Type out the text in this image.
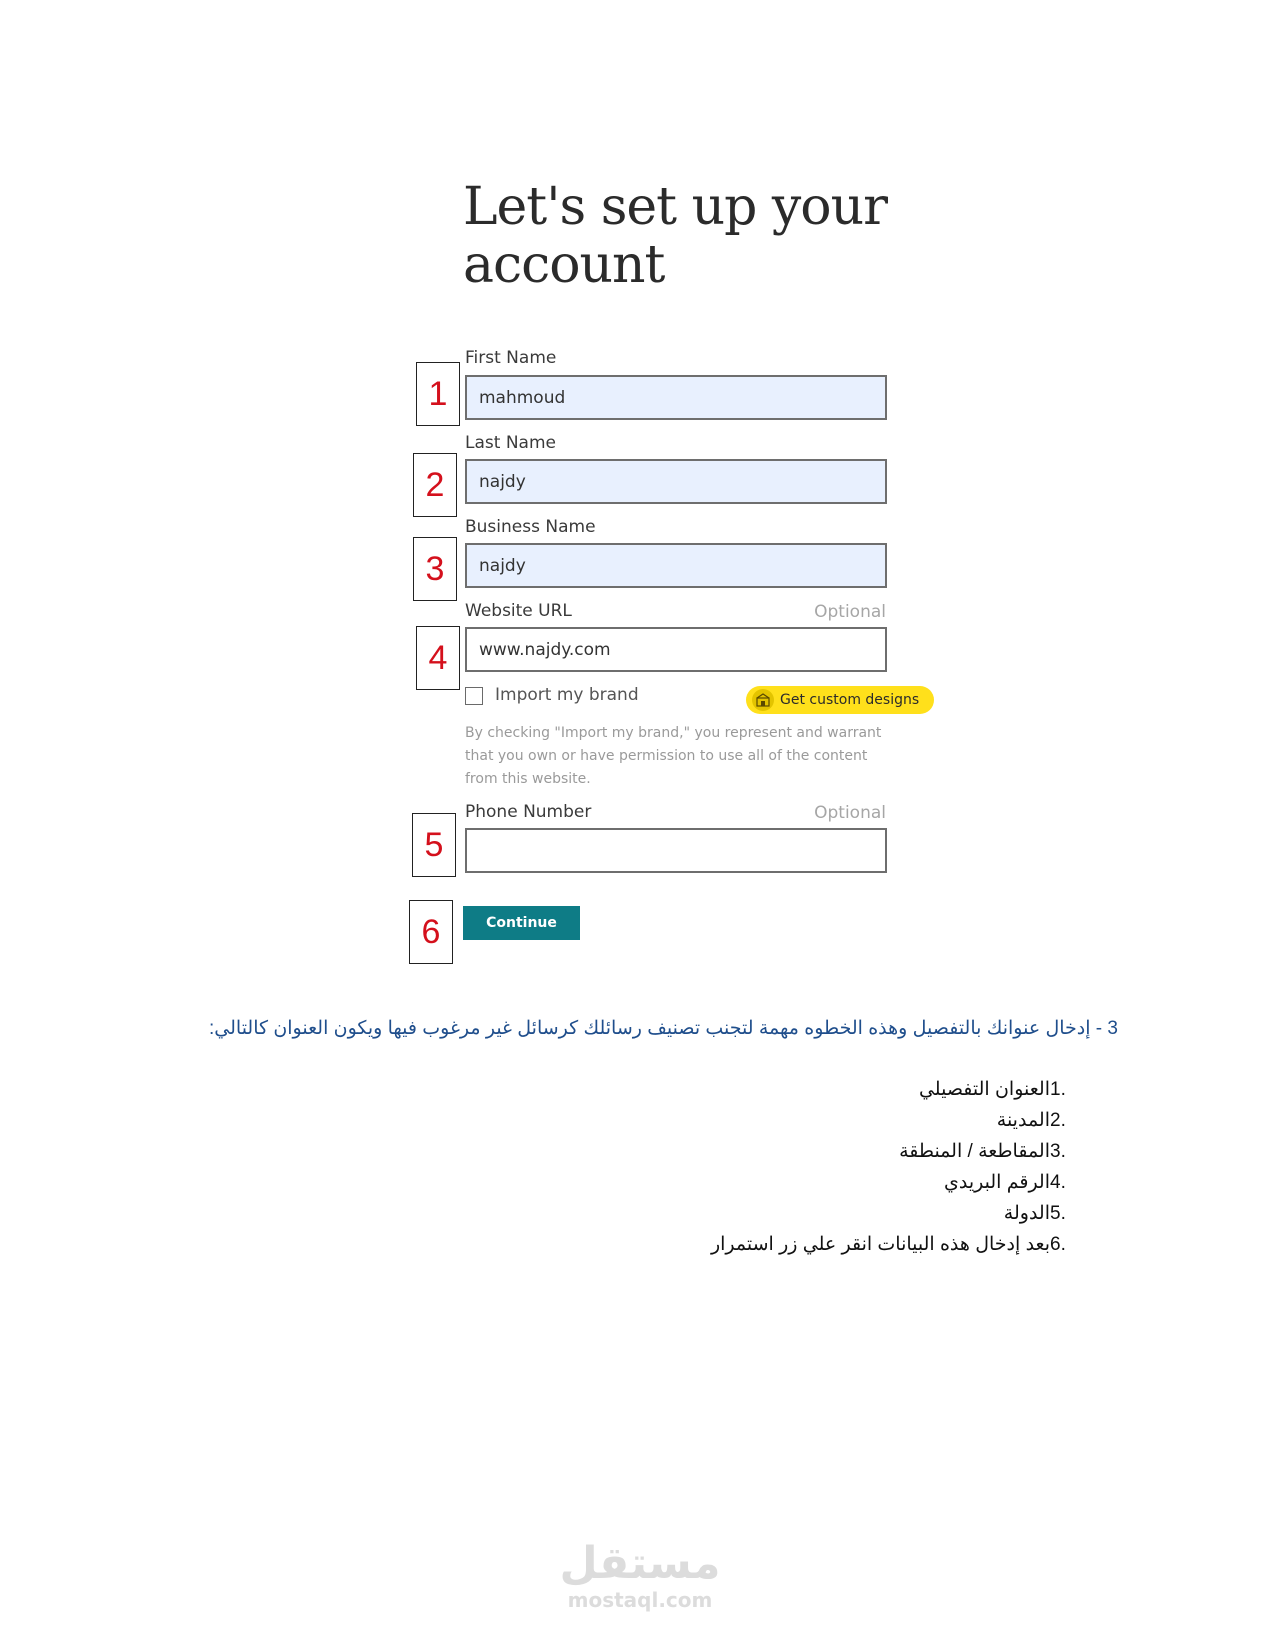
Let's set up your account
First Name
1
mahmoud
Last Name
2
najdy
Business Name
3
najdy
Website URL	Optional
4
www.najdy.com
Import my brand	Get custom designs
By checking "Import my brand," you represent and warrant that you own or have permission to use all of the content from this website.
Phone Number	Optional
5
6	Continue
3 - إدخال عنوانك بالتفصيل وهذه الخطوه مهمة لتجنب تصنيف رسائلك كرسائل غير مرغوب فيها ويكون العنوان كالتالي:
1.
العنوان التفصيلي
2.
المدينة
3.
المقاطعة / المنطقة
4.
الرقم البريدي
5.
الدولة
6.
بعد إدخال هذه البيانات انقر علي زر استمرار
مستقل
mostaql.com
